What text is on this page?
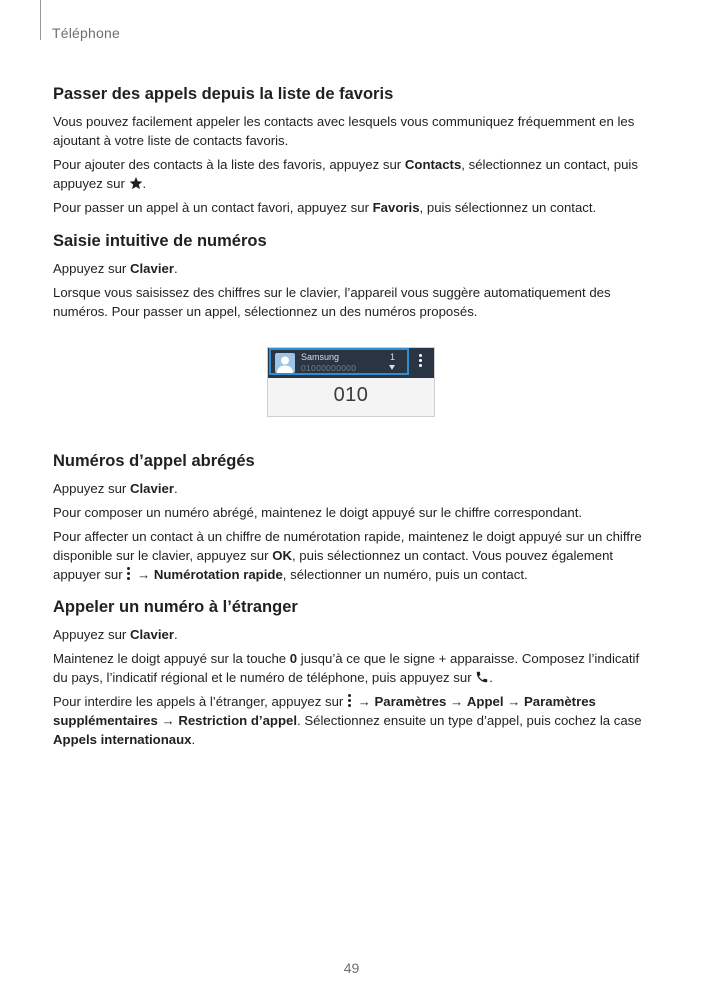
Téléphone
Passer des appels depuis la liste de favoris

Vous pouvez facilement appeler les contacts avec lesquels vous communiquez fréquemment en les ajoutant à votre liste de contacts favoris.

Pour ajouter des contacts à la liste des favoris, appuyez sur Contacts, sélectionnez un contact, puis appuyez sur .

Pour passer un appel à un contact favori, appuyez sur Favoris, puis sélectionnez un contact.

Saisie intuitive de numéros

Appuyez sur Clavier.

Lorsque vous saisissez des chiffres sur le clavier, l’appareil vous suggère automatiquement des numéros. Pour passer un appel, sélectionnez un des numéros proposés.

Samsung
01000000000
1
010
Numéros d’appel abrégés

Appuyez sur Clavier.

Pour composer un numéro abrégé, maintenez le doigt appuyé sur le chiffre correspondant.

Pour affecter un contact à un chiffre de numérotation rapide, maintenez le doigt appuyé sur un chiffre disponible sur le clavier, appuyez sur OK, puis sélectionnez un contact. Vous pouvez également appuyer sur
→ Numérotation rapide, sélectionner un numéro, puis un contact.

Appeler un numéro à l’étranger

Appuyez sur Clavier.

Maintenez le doigt appuyé sur la touche 0 jusqu’à ce que le signe + apparaisse. Composez l’indicatif du pays, l’indicatif régional et le numéro de téléphone, puis appuyez sur .

Pour interdire les appels à l’étranger, appuyez sur
→ Paramètres → Appel → Paramètres supplémentaires → Restriction d’appel. Sélectionnez ensuite un type d’appel, puis cochez la case Appels internationaux.

49
